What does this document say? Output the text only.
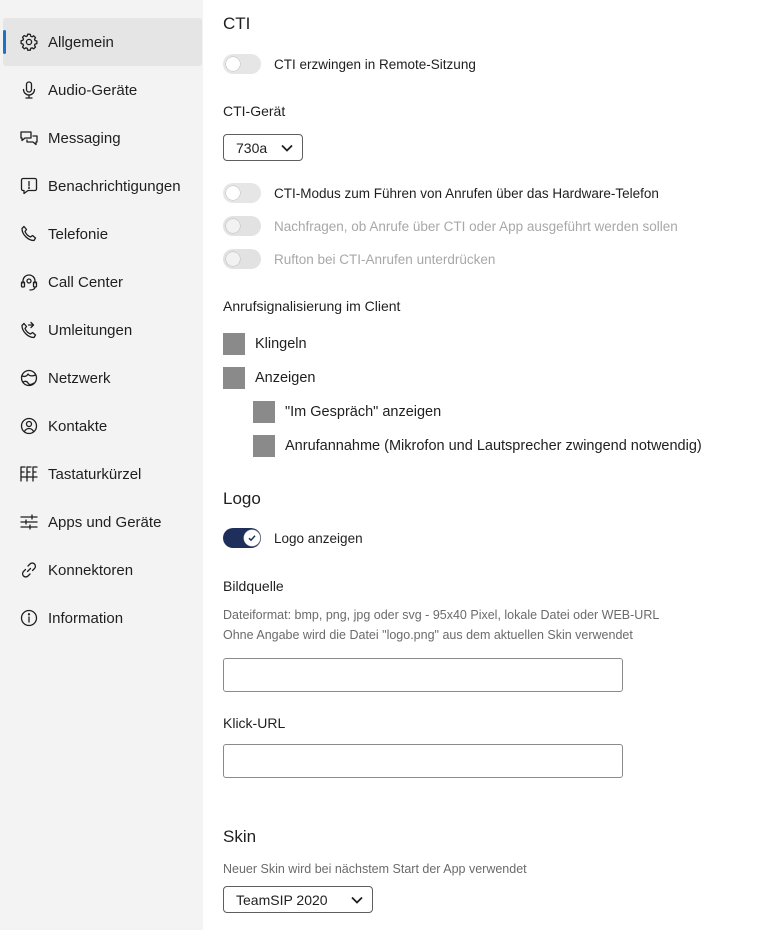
Allgemein
Audio-Geräte
Messaging
Benachrichtigungen
Telefonie
Call Center
Umleitungen
Netzwerk
Kontakte
Tastaturkürzel
Apps und Geräte
Konnektoren
Information
CTI
CTI erzwingen in Remote-Sitzung
CTI-Gerät
730a
CTI-Modus zum Führen von Anrufen über das Hardware-Telefon
Nachfragen, ob Anrufe über CTI oder App ausgeführt werden sollen
Rufton bei CTI-Anrufen unterdrücken
Anrufsignalisierung im Client
Klingeln
Anzeigen
"Im Gespräch" anzeigen
Anrufannahme (Mikrofon und Lautsprecher zwingend notwendig)
Logo
Logo anzeigen
Bildquelle
Dateiformat: bmp, png, jpg oder svg - 95x40 Pixel, lokale Datei oder WEB-URL
Ohne Angabe wird die Datei "logo.png" aus dem aktuellen Skin verwendet
Klick-URL
Skin
Neuer Skin wird bei nächstem Start der App verwendet
TeamSIP 2020
